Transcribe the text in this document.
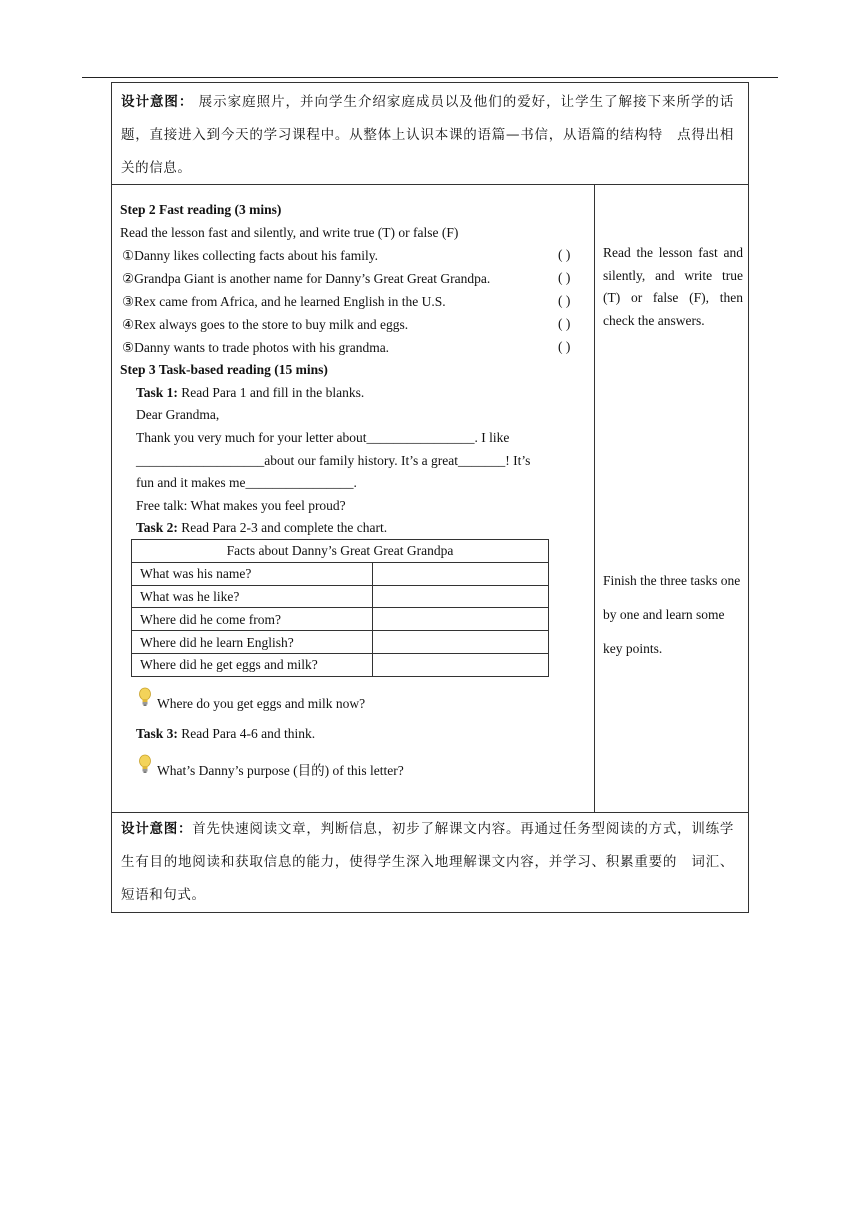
设计意图： 展示家庭照片，并向学生介绍家庭成员以及他们的爱好，让学生了解接下来所学的话题，直接进入到今天的学习课程中。从整体上认识本课的语篇—书信，从语篇的结构特　点得出相关的信息。
Step 2 Fast reading (3 mins)
Read the lesson fast and silently, and write true (T) or false (F)
①Danny likes collecting facts about his family.	( )
②Grandpa Giant is another name for Danny’s Great Great Grandpa.	( )
③Rex came from Africa, and he learned English in the U.S.	( )
④Rex always goes to the store to buy milk and eggs.	( )
⑤Danny wants to trade photos with his grandma.	( )
Step 3 Task-based reading (15 mins)
Task 1: Read Para 1 and fill in the blanks.
Dear Grandma,
Thank you very much for your letter about________________. I like
___________________about our family history. It’s a great_______! It’s
fun and it makes me________________.
Free talk: What makes you feel proud?
Task 2: Read Para 2-3 and complete the chart.
Facts about Danny’s Great Great Grandpa	
What was his name?	
What was he like?	
Where did he come from?	
Where did he learn English?	
Where did he get eggs and milk?	
Where do you get eggs and milk now?
Task 3: Read Para 4-6 and think.
What’s Danny’s purpose (目的) of this letter?
Read the lesson fast and silently, and write true (T) or false (F), then check the answers.
Finish the three tasks one by one and learn some key points.
设计意图：首先快速阅读文章，判断信息，初步了解课文内容。再通过任务型阅读的方式，训练学生有目的地阅读和获取信息的能力，使得学生深入地理解课文内容，并学习、积累重要的　词汇、短语和句式。
